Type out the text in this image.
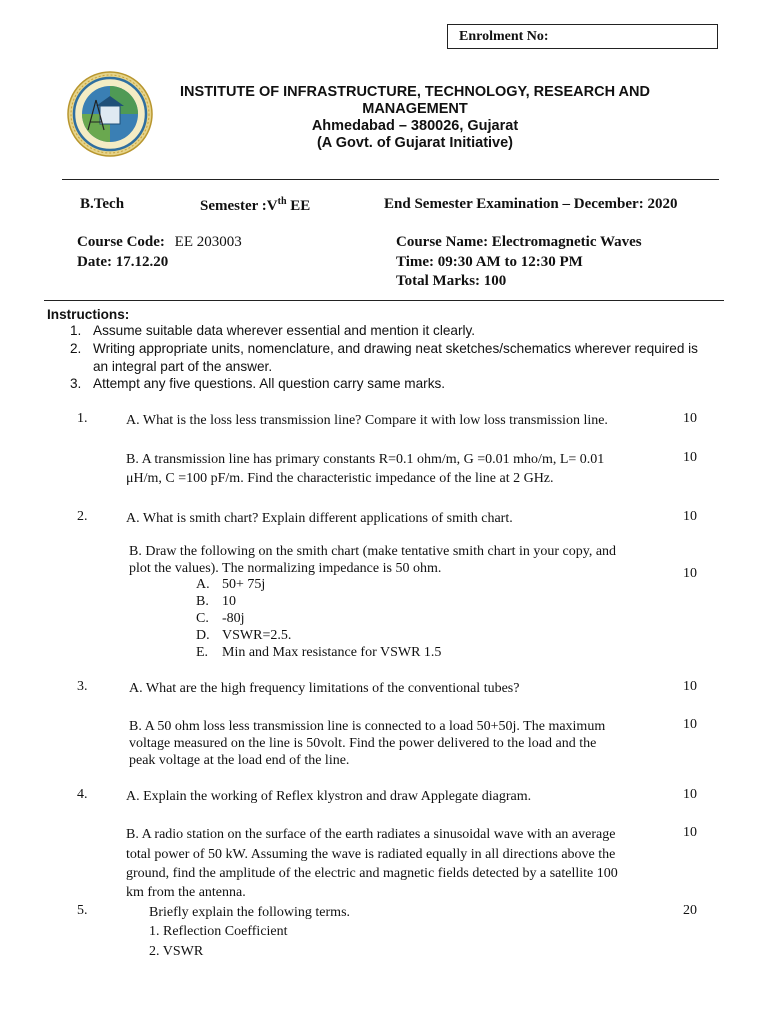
Enrolment No:
INSTITUTE OF INFRASTRUCTURE, TECHNOLOGY, RESEARCH AND
MANAGEMENT
Ahmedabad – 380026, Gujarat
(A Govt. of Gujarat Initiative)
B.Tech	Semester :Vth EE	End Semester Examination – December: 2020
Course Code: EE 203003
Date: 17.12.20
Course Name: Electromagnetic Waves
Time: 09:30 AM to 12:30 PM
Total Marks: 100
Instructions:
1. Assume suitable data wherever essential and mention it clearly.
2. Writing appropriate units, nomenclature, and drawing neat sketches/schematics wherever required is
an integral part of the answer.
3. Attempt any five questions. All question carry same marks.
1.	A. What is the loss less transmission line? Compare it with low loss transmission line.	10
B. A transmission line has primary constants R=0.1 ohm/m, G =0.01 mho/m, L= 0.01
μH/m, C =100 pF/m. Find the characteristic impedance of the line at 2 GHz.
10
2.	A. What is smith chart? Explain different applications of smith chart.	10
B. Draw the following on the smith chart (make tentative smith chart in your copy, and
plot the values). The normalizing impedance is 50 ohm.	10
A. 50+ 75j
B. 10
C. -80j
D. VSWR=2.5.
E. Min and Max resistance for VSWR 1.5
3.	A. What are the high frequency limitations of the conventional tubes?	10
B. A 50 ohm loss less transmission line is connected to a load 50+50j. The maximum
voltage measured on the line is 50volt. Find the power delivered to the load and the
peak voltage at the load end of the line.
10
4.	A. Explain the working of Reflex klystron and draw Applegate diagram.	10
B. A radio station on the surface of the earth radiates a sinusoidal wave with an average
total power of 50 kW. Assuming the wave is radiated equally in all directions above the
ground, find the amplitude of the electric and magnetic fields detected by a satellite 100
km from the antenna.
10
5.	Briefly explain the following terms.	20
1. Reflection Coefficient
2. VSWR
